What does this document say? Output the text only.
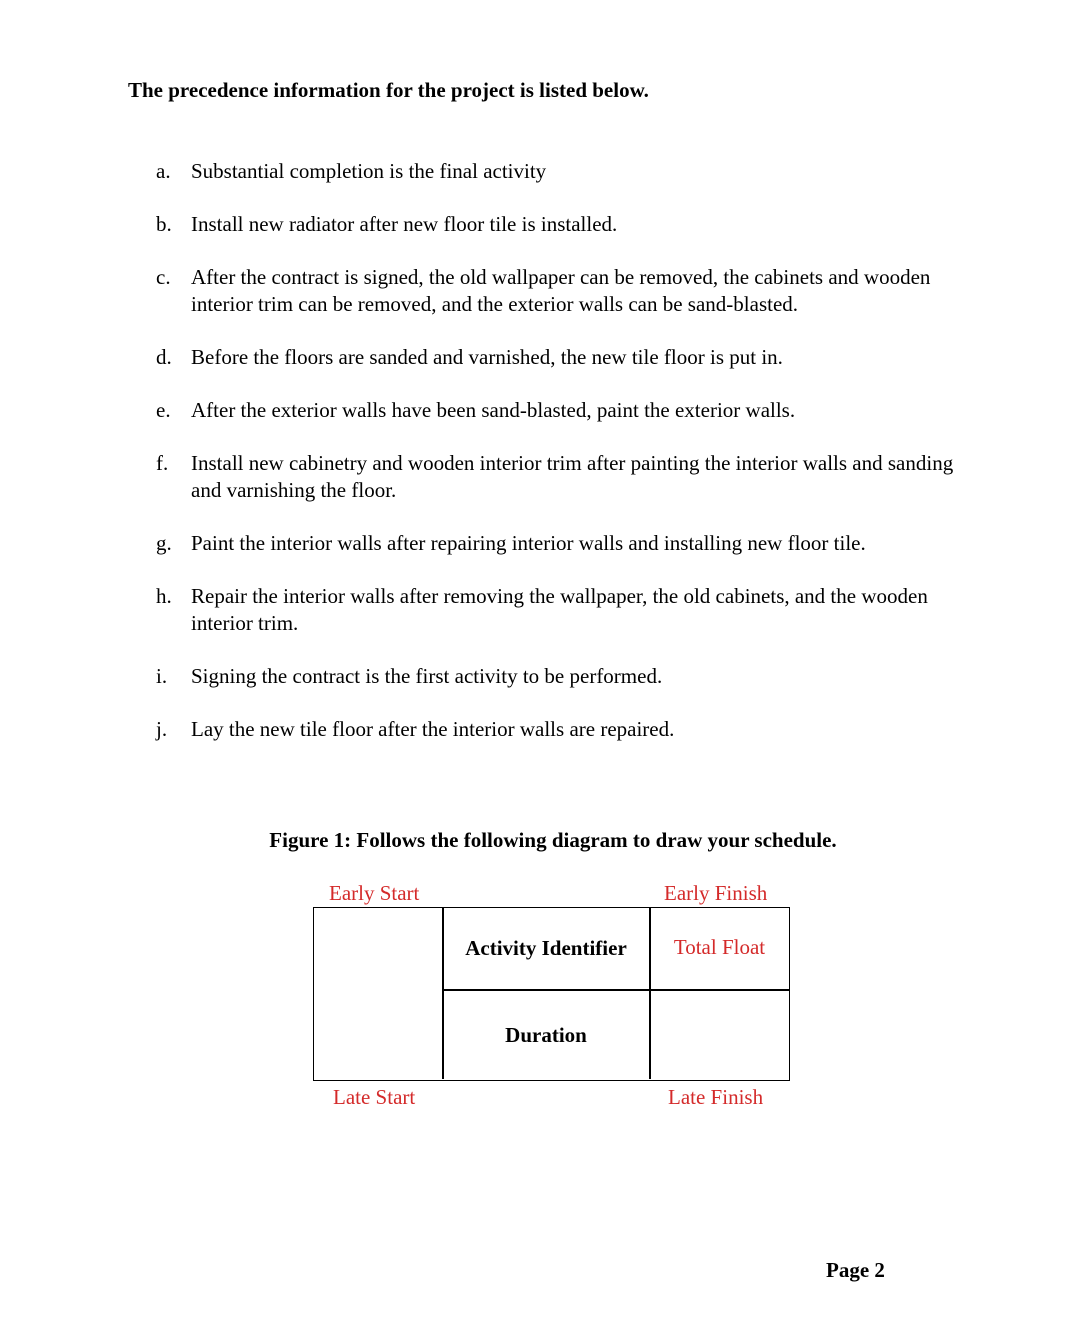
The precedence information for the project is listed below.
a. Substantial completion is the final activity
b. Install new radiator after new floor tile is installed.
c. After the contract is signed, the old wallpaper can be removed, the cabinets and wooden interior trim can be removed, and the exterior walls can be sand-blasted.
d. Before the floors are sanded and varnished, the new tile floor is put in.
e. After the exterior walls have been sand-blasted, paint the exterior walls.
f. Install new cabinetry and wooden interior trim after painting the interior walls and sanding and varnishing the floor.
g. Paint the interior walls after repairing interior walls and installing new floor tile.
h. Repair the interior walls after removing the wallpaper, the old cabinets, and the wooden interior trim.
i. Signing the contract is the first activity to be performed.
j. Lay the new tile floor after the interior walls are repaired.
Figure 1: Follows the following diagram to draw your schedule.
Early Start	Early Finish
Activity Identifier	Total Float
Duration
Late Start	Late Finish
Page 2
